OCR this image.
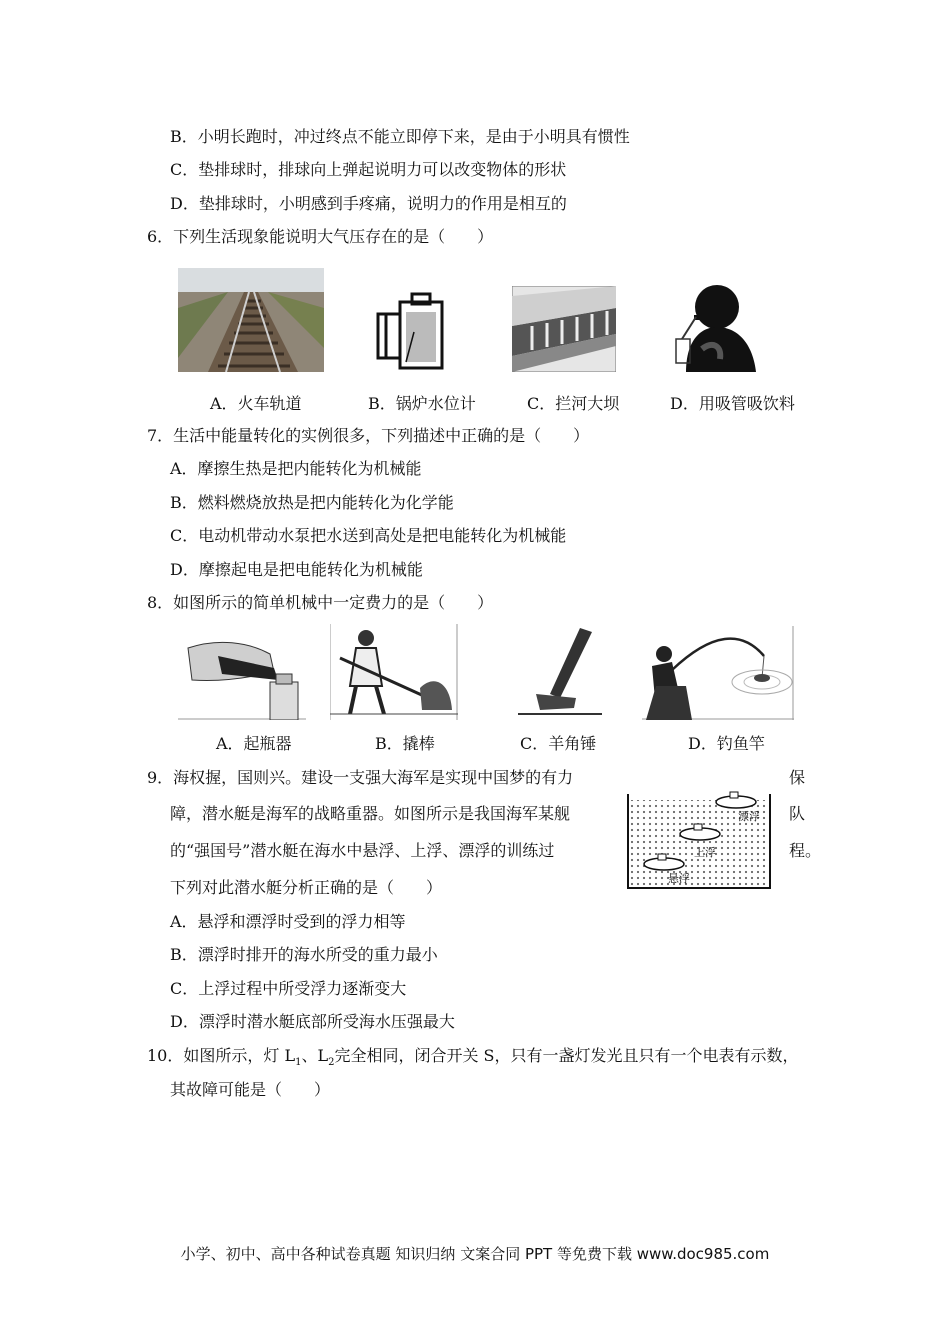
B．小明长跑时，冲过终点不能立即停下来，是由于小明具有惯性
C．垫排球时，排球向上弹起说明力可以改变物体的形状
D．垫排球时，小明感到手疼痛，说明力的作用是相互的
6．下列生活现象能说明大气压存在的是（　　）
A．火车轨道	B．锅炉水位计	C．拦河大坝	D．用吸管吸饮料
7．生活中能量转化的实例很多，下列描述中正确的是（　　）
A．摩擦生热是把内能转化为机械能
B．燃料燃烧放热是把内能转化为化学能
C．电动机带动水泵把水送到高处是把电能转化为机械能
D．摩擦起电是把电能转化为机械能
8．如图所示的简单机械中一定费力的是（　　）
A．起瓶器	B．撬棒	C．羊角锤	D．钓鱼竿
9．海权握，国则兴。建设一支强大海军是实现中国梦的有力
障，潜水艇是海军的战略重器。如图所示是我国海军某舰
的“强国号”潜水艇在海水中悬浮、上浮、漂浮的训练过
下列对此潜水艇分析正确的是（　　）
保
队
程。
漂浮
上浮
悬浮
A．悬浮和漂浮时受到的浮力相等
B．漂浮时排开的海水所受的重力最小
C．上浮过程中所受浮力逐渐变大
D．漂浮时潜水艇底部所受海水压强最大
10．如图所示，灯 $L_1$、$L_2$完全相同，闭合开关 S，只有一盏灯发光且只有一个电表有示数，
其故障可能是（　　）
小学、初中、高中各种试卷真题 知识归纳 文案合同 PPT 等免费下载 www.doc985.com
